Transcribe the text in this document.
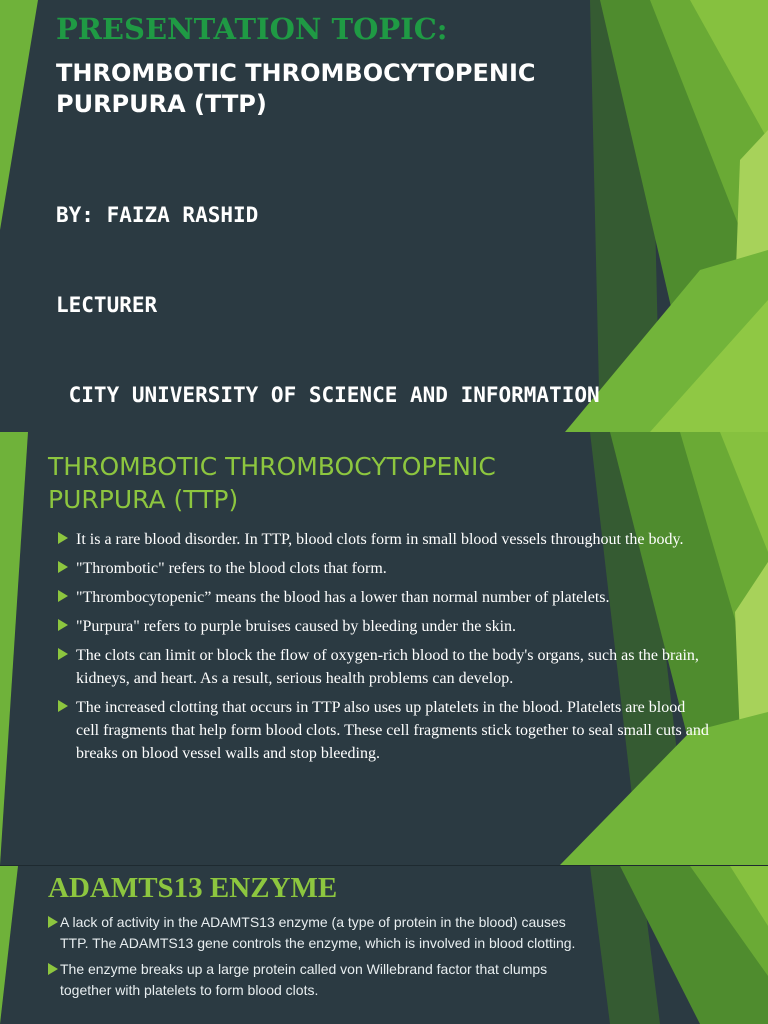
PRESENTATION TOPIC:
THROMBOTIC THROMBOCYTOPENIC
PURPURA (TTP)

BY: FAIZA RASHID

LECTURER

CITY UNIVERSITY OF SCIENCE AND INFORMATION

THROMBOTIC THROMBOCYTOPENIC
PURPURA (TTP)
It is a rare blood disorder. In TTP, blood clots form in small blood vessels throughout the body.
"Thrombotic" refers to the blood clots that form.
"Thrombocytopenic” means the blood has a lower than normal number of platelets.
"Purpura" refers to purple bruises caused by bleeding under the skin.
The clots can limit or block the flow of oxygen-rich blood to the body's organs, such as the brain, kidneys, and heart. As a result, serious health problems can develop.
The increased clotting that occurs in TTP also uses up platelets in the blood. Platelets are blood cell fragments that help form blood clots. These cell fragments stick together to seal small cuts and breaks on blood vessel walls and stop bleeding.
ADAMTS13 ENZYME
A lack of activity in the ADAMTS13 enzyme (a type of protein in the blood) causes TTP. The ADAMTS13 gene controls the enzyme, which is involved in blood clotting.
The enzyme breaks up a large protein called von Willebrand factor that clumps together with platelets to form blood clots.
